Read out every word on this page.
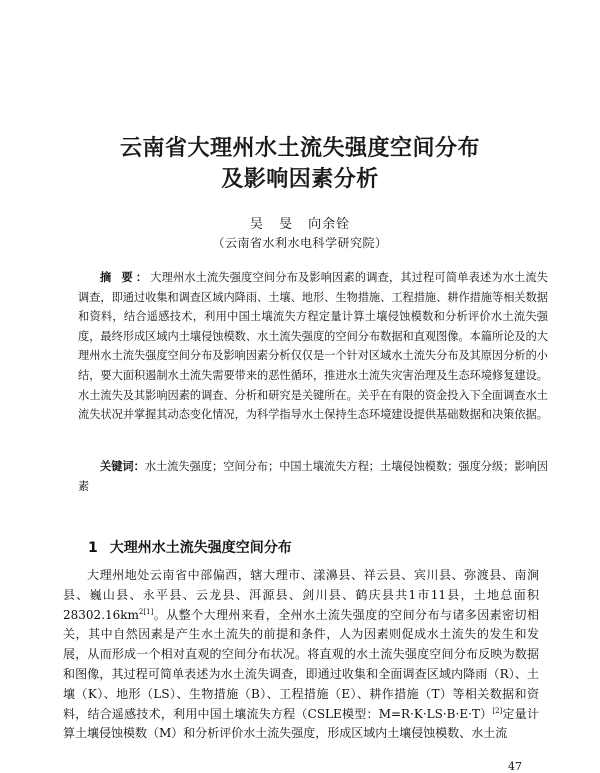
云南省大理州水土流失强度空间分布
及影响因素分析
吴 旻 向余铨
（云南省水利水电科学研究院）

摘 要：大理州水土流失强度空间分布及影响因素的调查，其过程可简单表述为水土流失调查，即通过收集和调查区域内降雨、土壤、地形、生物措施、工程措施、耕作措施等相关数据和资料，结合遥感技术，利用中国土壤流失方程定量计算土壤侵蚀模数和分析评价水土流失强度，最终形成区域内土壤侵蚀模数、水土流失强度的空间分布数据和直观图像。本篇所论及的大理州水土流失强度空间分布及影响因素分析仅仅是一个针对区域水土流失分布及其原因分析的小结，要大面积遏制水土流失需要带来的恶性循环，推进水土流失灾害治理及生态环境修复建设。水土流失及其影响因素的调查、分析和研究是关键所在。关乎在有限的资金投入下全面调查水土流失状况并掌握其动态变化情况，为科学指导水土保持生态环境建设提供基础数据和决策依据。

关键词：水土流失强度；空间分布；中国土壤流失方程；土壤侵蚀模数；强度分级；影响因素

1 大理州水土流失强度空间分布

大理州地处云南省中部偏西，辖大理市、漾濞县、祥云县、宾川县、弥渡县、南涧县、巍山县、永平县、云龙县、洱源县、剑川县、鹤庆县共1市11县，土地总面积$28302.16km^{2[1]}$。从整个大理州来看，全州水土流失强度的空间分布与诸多因素密切相关，其中自然因素是产生水土流失的前提和条件，人为因素则促成水土流失的发生和发展，从而形成一个相对直观的空间分布状况。将直观的水土流失强度空间分布反映为数据和图像，其过程可简单表述为水土流失调查，即通过收集和全面调查区域内降雨（R）、土壤（K）、地形（LS）、生物措施（B）、工程措施（E）、耕作措施（T）等相关数据和资料，结合遥感技术，利用中国土壤流失方程（CSLE模型：M=R·K·LS·B·E·T）[2]定量计算土壤侵蚀模数（M）和分析评价水土流失强度，形成区域内土壤侵蚀模数、水土流

47
